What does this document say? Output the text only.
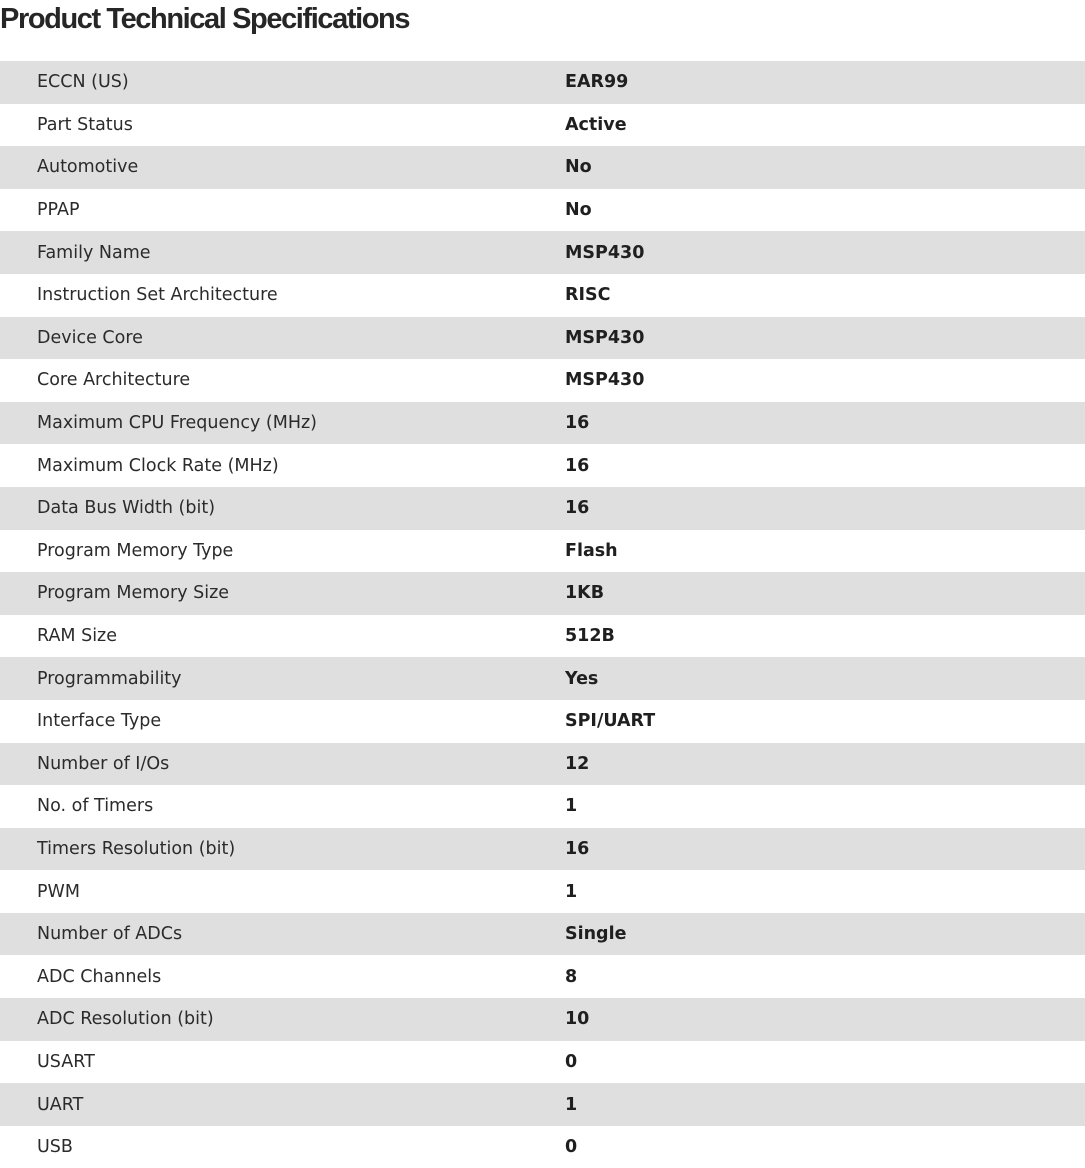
Product Technical Specifications
ECCN (US)	EAR99
Part Status	Active
Automotive	No
PPAP	No
Family Name	MSP430
Instruction Set Architecture	RISC
Device Core	MSP430
Core Architecture	MSP430
Maximum CPU Frequency (MHz)	16
Maximum Clock Rate (MHz)	16
Data Bus Width (bit)	16
Program Memory Type	Flash
Program Memory Size	1KB
RAM Size	512B
Programmability	Yes
Interface Type	SPI/UART
Number of I/Os	12
No. of Timers	1
Timers Resolution (bit)	16
PWM	1
Number of ADCs	Single
ADC Channels	8
ADC Resolution (bit)	10
USART	0
UART	1
USB	0
